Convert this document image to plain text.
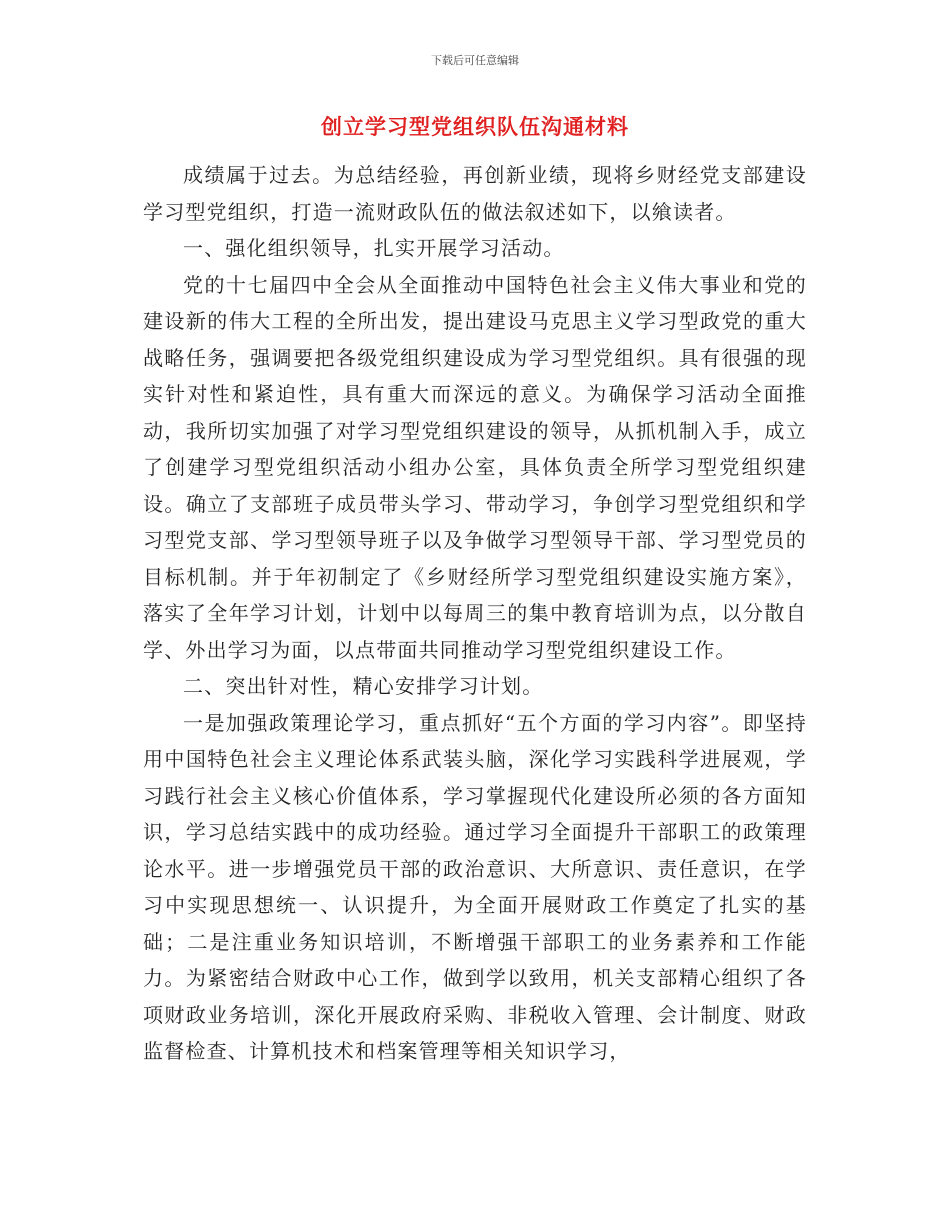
下载后可任意编辑
创立学习型党组织队伍沟通材料

成绩属于过去。为总结经验，再创新业绩，现将乡财经党支部建设学习型党组织，打造一流财政队伍的做法叙述如下，以飨读者。

一、强化组织领导，扎实开展学习活动。

党的十七届四中全会从全面推动中国特色社会主义伟大事业和党的建设新的伟大工程的全所出发，提出建设马克思主义学习型政党的重大战略任务，强调要把各级党组织建设成为学习型党组织。具有很强的现实针对性和紧迫性，具有重大而深远的意义。为确保学习活动全面推动，我所切实加强了对学习型党组织建设的领导，从抓机制入手，成立了创建学习型党组织活动小组办公室，具体负责全所学习型党组织建设。确立了支部班子成员带头学习、带动学习，争创学习型党组织和学习型党支部、学习型领导班子以及争做学习型领导干部、学习型党员的目标机制。并于年初制定了《乡财经所学习型党组织建设实施方案》，落实了全年学习计划，计划中以每周三的集中教育培训为点，以分散自学、外出学习为面，以点带面共同推动学习型党组织建设工作。

二、突出针对性，精心安排学习计划。

一是加强政策理论学习，重点抓好“五个方面的学习内容”。即坚持用中国特色社会主义理论体系武装头脑，深化学习实践科学进展观，学习践行社会主义核心价值体系，学习掌握现代化建设所必须的各方面知识，学习总结实践中的成功经验。通过学习全面提升干部职工的政策理论水平。进一步增强党员干部的政治意识、大所意识、责任意识，在学习中实现思想统一、认识提升，为全面开展财政工作奠定了扎实的基础；二是注重业务知识培训，不断增强干部职工的业务素养和工作能力。为紧密结合财政中心工作，做到学以致用，机关支部精心组织了各项财政业务培训，深化开展政府采购、非税收入管理、会计制度、财政监督检查、计算机技术和档案管理等相关知识学习，
